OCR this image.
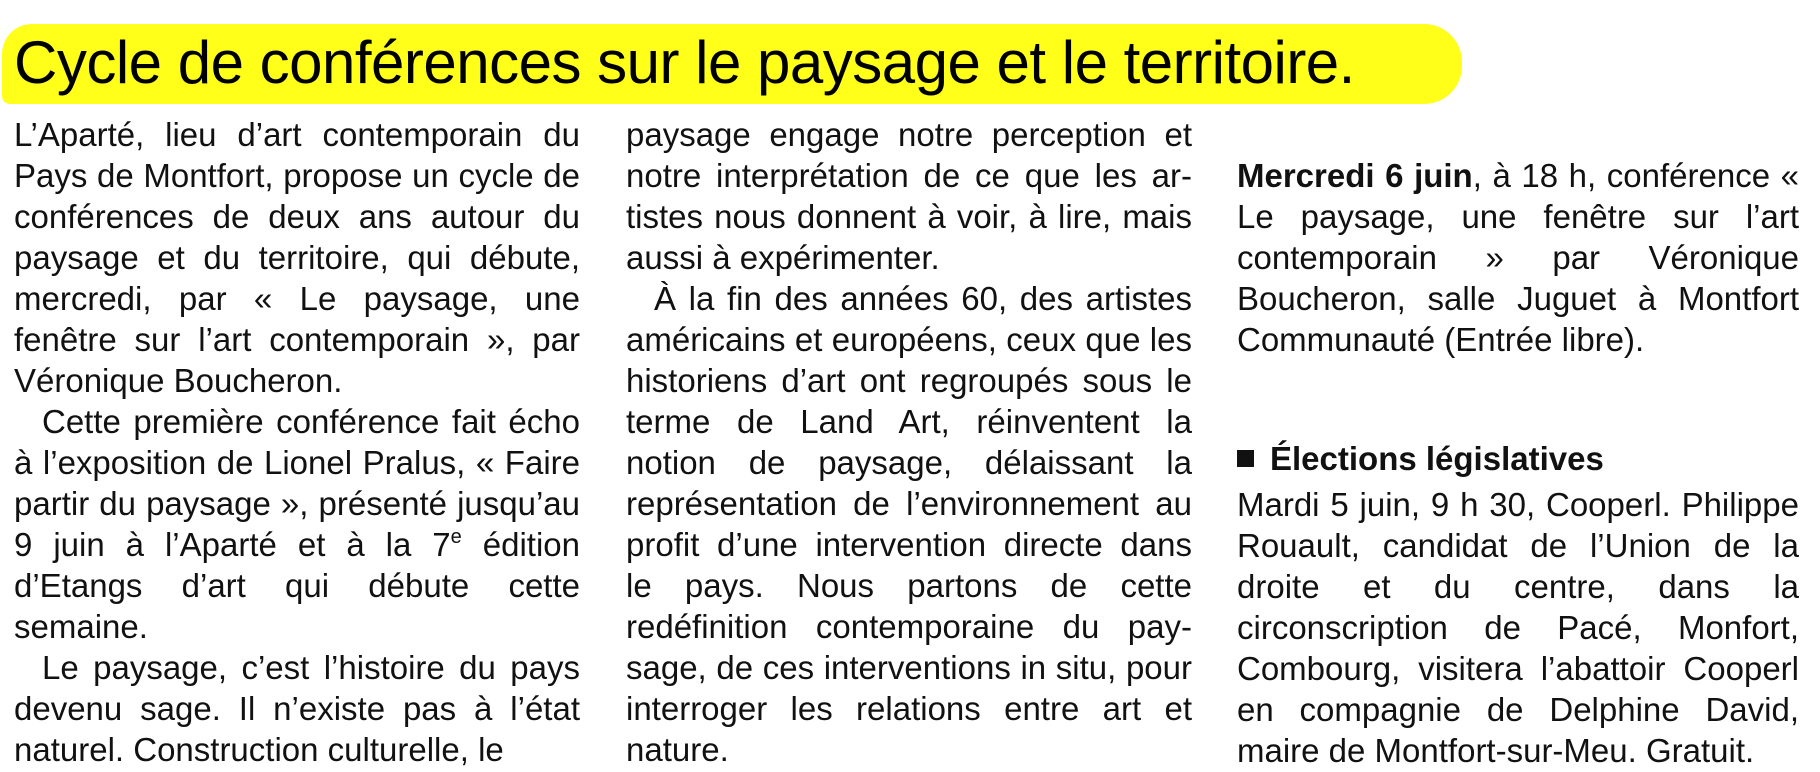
Cycle de conférences sur le paysage et le territoire.

L’Aparté, lieu d’art contemporain du Pays de Montfort, propose un cycle de conférences de deux ans autour du paysage et du territoire, qui débute, mercredi, par « Le paysage, une fenêtre sur l’art contemporain », par Véronique Boucheron.

Cette première conférence fait écho à l’exposition de Lionel Pralus, « Faire partir du paysage », présenté jusqu’au 9 juin à l’Aparté et à la 7e édition d’Etangs d’art qui débute cette semaine.

Le paysage, c’est l’histoire du pays devenu sage. Il n’existe pas à l’état naturel. Construction culturelle, le

paysage engage notre perception et notre interprétation de ce que les artistes nous donnent à voir, à lire, mais aussi à expérimenter.

À la fin des années 60, des artistes américains et européens, ceux que les historiens d’art ont regroupés sous le terme de Land Art, réinventent la notion de paysage, délaissant la représentation de l’environnement au profit d’une intervention directe dans le pays. Nous partons de cette redéfinition contemporaine du paysage, de ces interventions in situ, pour interroger les relations entre art et nature.

Mercredi 6 juin, à 18 h, conférence « Le paysage, une fenêtre sur l’art contemporain » par Véronique Boucheron, salle Juguet à Montfort Communauté (Entrée libre).

Élections législatives

Mardi 5 juin, 9 h 30, Cooperl. Philippe Rouault, candidat de l’Union de la droite et du centre, dans la circonscription de Pacé, Monfort, Combourg, visitera l’abattoir Cooperl en compagnie de Delphine David, maire de Montfort-sur-Meu. Gratuit.
